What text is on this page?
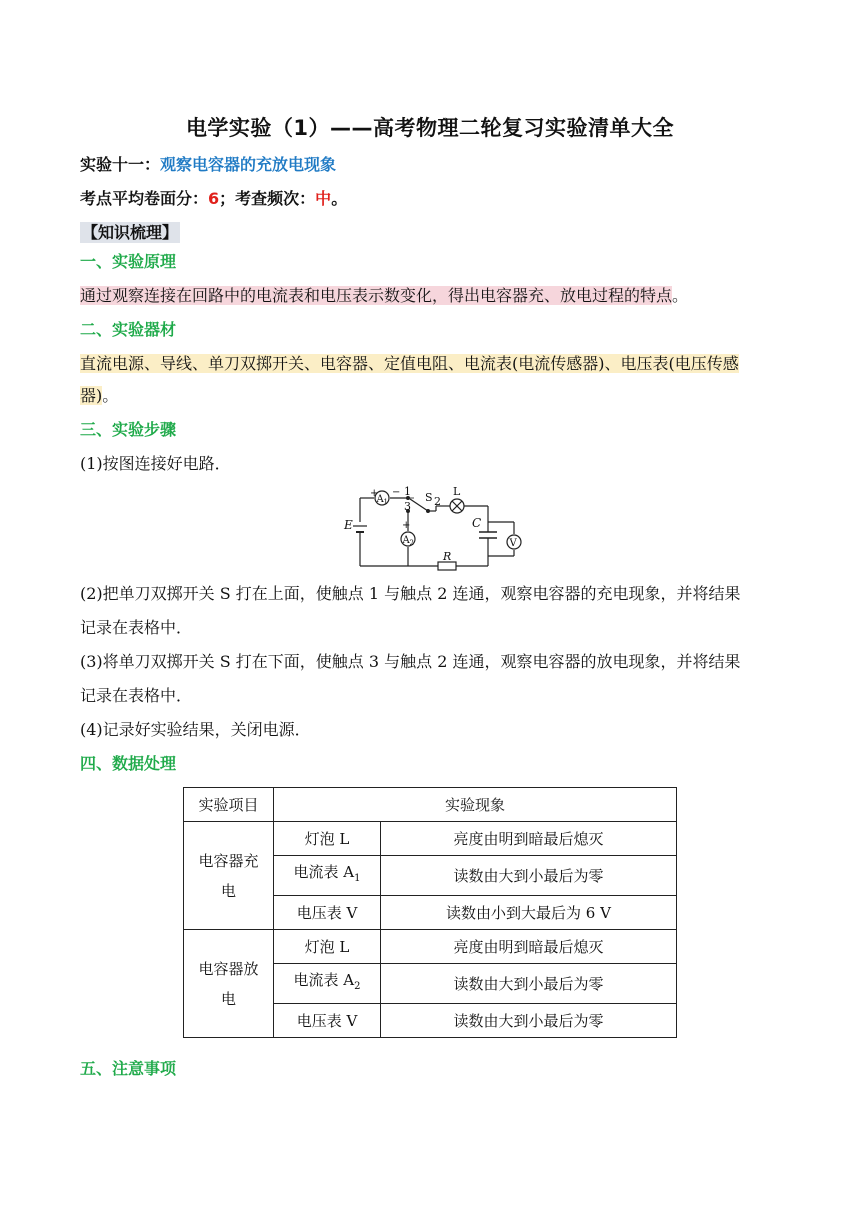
电学实验（1）——高考物理二轮复习实验清单大全
实验十一：观察电容器的充放电现象
考点平均卷面分：6；考查频次：中。
【知识梳理】
一、实验原理
通过观察连接在回路中的电流表和电压表示数变化，得出电容器充、放电过程的特点。
二、实验器材
直流电源、导线、单刀双掷开关、电容器、定值电阻、电流表(电流传感器)、电压表(电压传感
器)。
三、实验步骤
(1)按图连接好电路．
+
A 1
− 1
3
S 2
L
E	+
A 2
C
V
R
(2)把单刀双掷开关 S 打在上面，使触点 1 与触点 2 连通，观察电容器的充电现象，并将结果
记录在表格中．
(3)将单刀双掷开关 S 打在下面，使触点 3 与触点 2 连通，观察电容器的放电现象，并将结果
记录在表格中．
(4)记录好实验结果，关闭电源．
四、数据处理
实验项目	实验现象	

电容器充
电	灯泡 L	亮度由明到暗最后熄灭
	电流表 $A_1$	读数由大到小最后为零
	电压表 V	读数由小到大最后为 6 V

电容器放
电	灯泡 L	亮度由明到暗最后熄灭
	电流表 $A_2$	读数由大到小最后为零
	电压表 V	读数由大到小最后为零
五、注意事项
